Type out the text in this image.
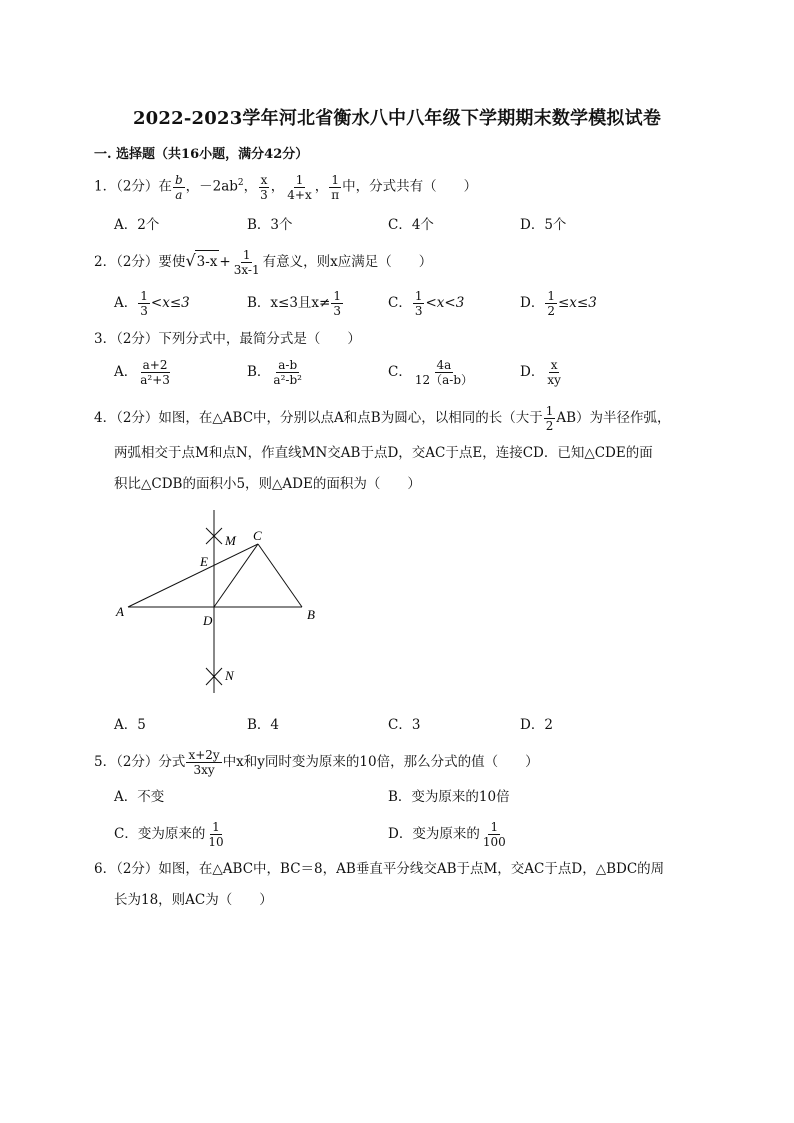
2022-2023学年河北省衡水八中八年级下学期期末数学模拟试卷
一. 选择题（共16小题，满分42分）
1．（2分）在 $\frac{b}{a}$ ，$-2ab^2$， $\frac{x}{3}$ ， $\frac{1}{4+x}$ ， $\frac{1}{\pi}$ 中，分式共有（　　）
A．2个	B．3个	C．4个	D．5个
2．（2分）要使$√3-x + \frac{1}{3x-1}$ 有意义，则x应满足（　　）
A． $\frac{1}{3} <x\le 3$	B．x≤3且$x\ne \frac{1}{3}$	C． $\frac{1}{3} <x<3$	D． $\frac{1}{2} \le x\le 3$
3．（2分）下列分式中，最简分式是（　　）
A． $\frac{a+2}{\text{a²+3}}$	B． $\frac{a-b}{\text{a²-b²}}$	C． $\frac{4a}{12(a-b)}$	D． $\frac{x}{xy}$
4．（2分）如图，在△ABC中，分别以点A和点B为圆心，以相同的长（大于 $\frac{1}{2} AB$）为半径作弧，
两弧相交于点M和点N，作直线MN交AB于点D，交AC于点E，连接CD．已知△CDE的面
积比△CDB的面积小5，则△ADE的面积为（　　）
M C
E
A
D	B
N
A．5	B．4	C．3	D．2
5．（2分）分式 $\frac{x+2y}{3xy}$ 中x和y同时变为原来的10倍，那么分式的值（　　）
A．不变	B．变为原来的10倍
C．变为原来的 $\frac{1}{10}$	D．变为原来的 $\frac{1}{100}$
6．（2分）如图，在△ABC中，BC＝8，AB垂直平分线交AB于点M，交AC于点D，△BDC的周
长为18，则AC为（　　）
